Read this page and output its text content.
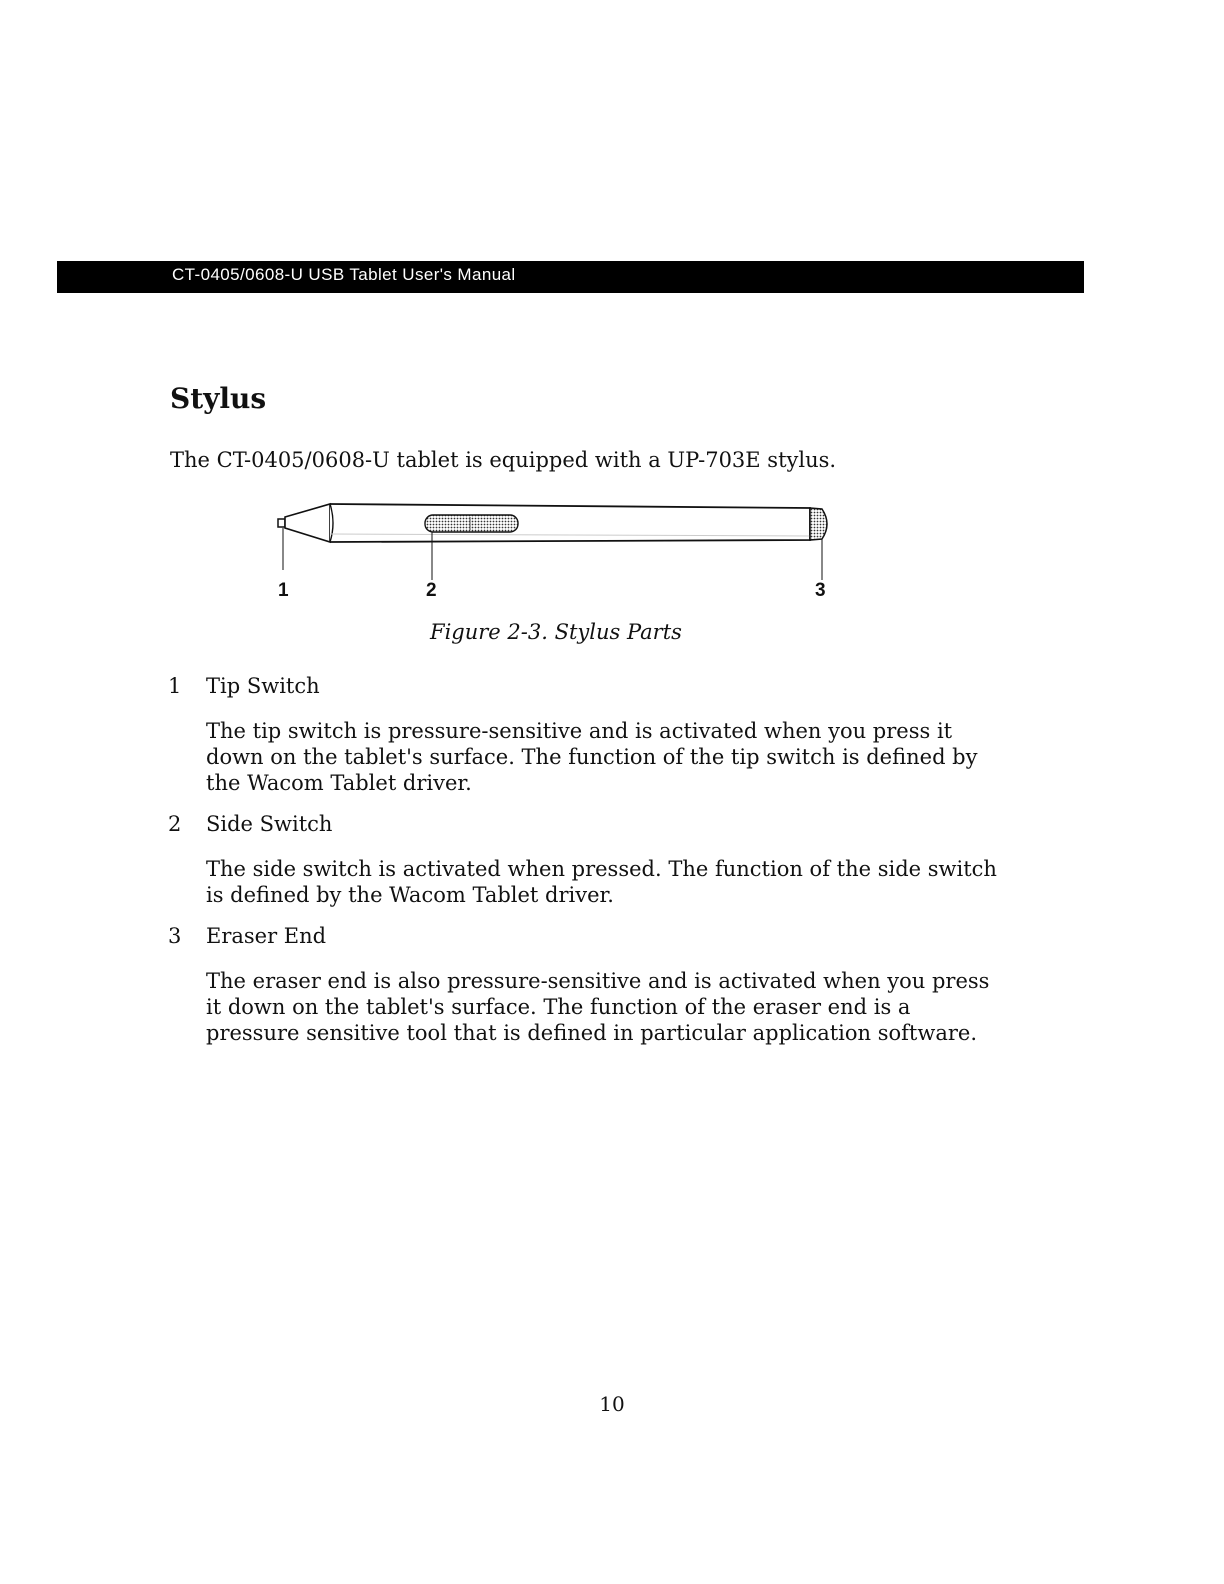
CT-0405/0608-U USB Tablet User's Manual
Stylus
The CT-0405/0608-U tablet is equipped with a UP-703E stylus.
1	2	3
Figure 2-3. Stylus Parts
1 Tip Switch

The tip switch is pressure-sensitive and is activated when you press it down on the tablet's surface. The function of the tip switch is defined by the Wacom Tablet driver.

2 Side Switch

The side switch is activated when pressed. The function of the side switch is defined by the Wacom Tablet driver.

3 Eraser End

The eraser end is also pressure-sensitive and is activated when you press it down on the tablet's surface. The function of the eraser end is a pressure sensitive tool that is defined in particular application software.

10
